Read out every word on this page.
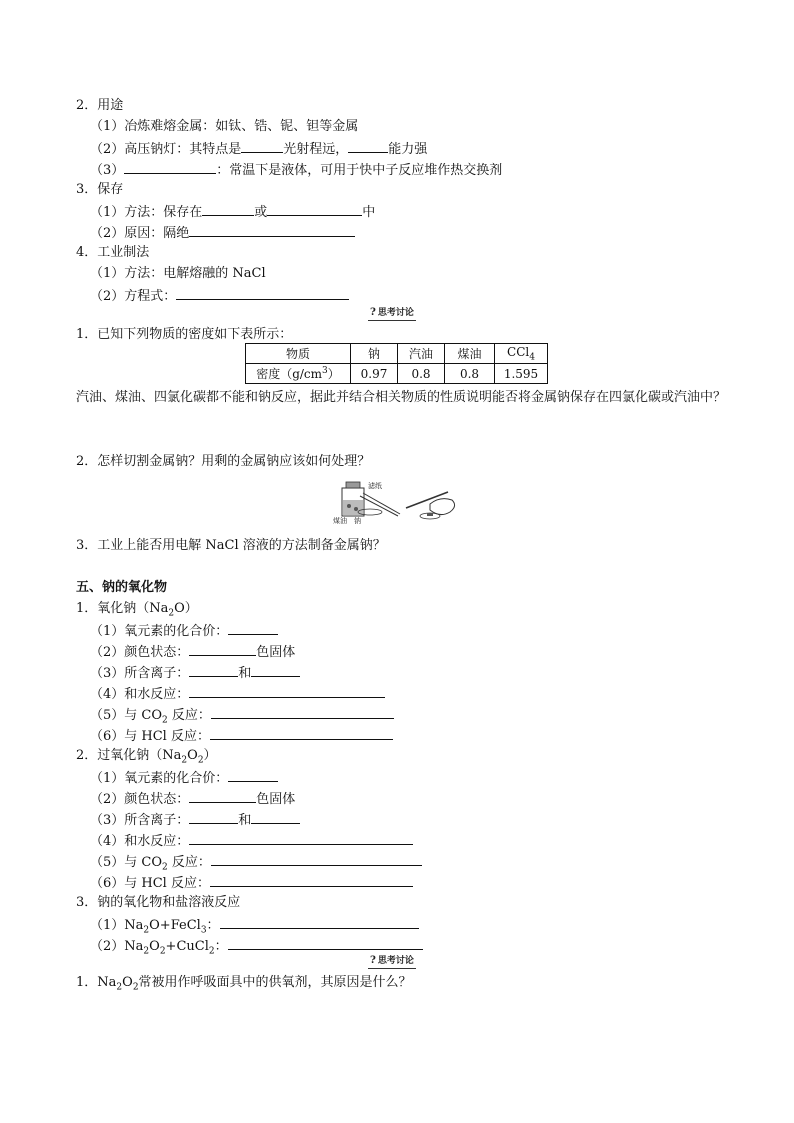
2．用途
（1）冶炼难熔金属：如钛、锆、铌、钽等金属
（2）高压钠灯：其特点是	光射程远，	能力强
（3）	：常温下是液体，可用于快中子反应堆作热交换剂
3．保存
（1）方法：保存在	或	中
（2）原因：隔绝
4．工业制法
（1）方法：电解熔融的 NaCl
（2）方程式：
? 思考讨论
1．已知下列物质的密度如下表所示：
物质	钠	汽油	煤油	CCl$_4$
密度$(g/cm^3)$	0.97	0.8	0.8	1.595
汽油、煤油、四氯化碳都不能和钠反应，据此并结合相关物质的性质说明能否将金属钠保存在四氯化碳或汽油中？
2．怎样切割金属钠？用剩的金属钠应该如何处理？
滤纸
煤油 钠
3．工业上能否用电解 NaCl 溶液的方法制备金属钠？
五、钠的氧化物
1．氧化钠$(Na_2O)$
（1）氧元素的化合价：
（2）颜色状态：	色固体
（3）所含离子：	和
（4）和水反应：
（5）与 $CO_2$ 反应：
（6）与 HCl 反应：
2．过氧化钠$(Na_2O_2)$
（1）氧元素的化合价：
（2）颜色状态：	色固体
（3）所含离子：	和
（4）和水反应：
（5）与 $CO_2$ 反应：
（6）与 HCl 反应：
3．钠的氧化物和盐溶液反应
$(1)Na_2O+FeCl_3$：
$(2)Na_2O_2+CuCl_2$：
? 思考讨论
1．$Na_2O_2$常被用作呼吸面具中的供氧剂，其原因是什么？
